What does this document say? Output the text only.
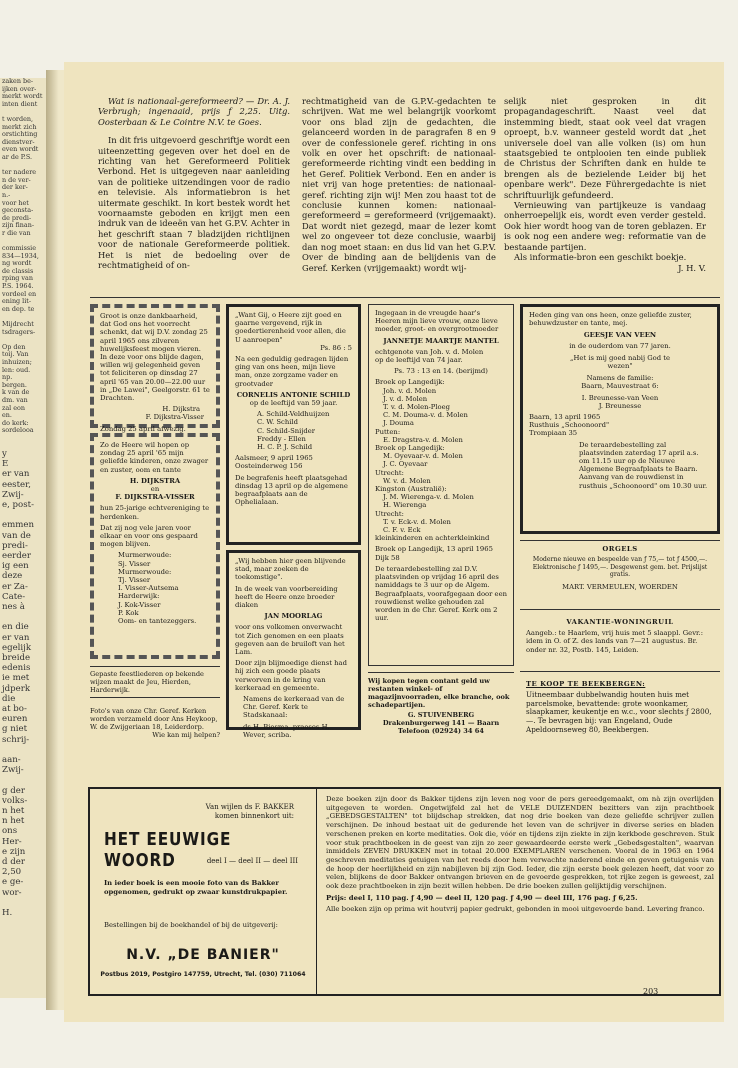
zaken be-
ijken over-
merkt wordt
inten dient

t worden,
merkt zich
orstichting
dienstver-
even wordt
ar de P.S.

ter nadere
n de ver-
der ker-
n.-
voor het
geconsta-
de predi-
zijn finan-
r die van

commissie
834—1934,
ng wordt
de classis
rping van
P.S. 1964.
vordeel en
ening lit-
en dep. te

Mijdrecht
tsdragers-

Op den
toij. Van
inhuizen;
len: oud.
np.
bergen.
k van de
dm. van
zal eon
en.
do kerk:
sordelooa
y
E
er van
eester,
Zwij-
e, post-

emmen
van de
predi-
eerder
ig een
deze
er Za-
Cate-
nes à

en die
er van
egelijk
breide
edenis
ie met
jdperk
die
at bo-
euren
g niet
schrij-

aan-
Zwij-

g der
volks-
n het
n het
ons
Her-
e zijn
d der
2,50
e ge-
wor-

H.

Wat is nationaal-gereformeerd? — Dr. A. J. Verbrugh; ingenaaid, prijs ƒ 2,25. Uitg. Oosterbaan & Le Cointre N.V. te Goes.

In dit fris uitgevoerd geschriftje wordt een uiteenzetting gegeven over het doel en de richting van het Gereformeerd Politiek Verbond. Het is uitgegeven naar aanleiding van de politieke uitzendingen voor de radio en televisie. Als informatiebron is het uitermate geschikt. In kort bestek wordt het voornaamste geboden en krijgt men een indruk van de ideeën van het G.P.V. Achter in het geschrift staan 7 bladzijden richtlijnen voor de nationale Gereformeerde politiek. Het is niet de bedoeling over de rechtmatigheid of on-

rechtmatigheid van de G.P.V.-gedachten te schrijven. Wat me wel belangrijk voorkomt voor ons blad zijn de gedachten, die gelanceerd worden in de paragrafen 8 en 9 over de confessionele geref. richting in ons volk en over het opschrift: de nationaal-gereformeerde richting vindt een bedding in het Geref. Politiek Verbond. Een en ander is niet vrij van hoge pretenties: de nationaal-geref. richting zijn wij! Men zou haast tot de conclusie kunnen komen: nationaal-gereformeerd = gereformeerd (vrijgemaakt). Dat wordt niet gezegd, maar de lezer komt wel zo ongeveer tot deze conclusie, waarbij dan nog moet staan: en dus lid van het G.P.V. Over de binding aan de belijdenis van de Geref. Kerken (vrijgemaakt) wordt wij-

selijk niet gesproken in dit propagandageschrift. Naast veel dat instemming biedt, staat ook veel dat vragen oproept, b.v. wanneer gesteld wordt dat „het universele doel van alle volken (is) om hun staatsgebied te ontplooien ten einde publiek de Christus der Schriften dank en hulde te brengen als de bezielende Leider bij het openbare werk". Deze Führergedachte is niet schriftuurlijk gefundeerd.

Vernieuwing van partijkeuze is vandaag onherroepelijk eis, wordt even verder gesteld. Ook hier wordt hoog van de toren geblazen. Er is ook nog een andere weg: reformatie van de bestaande partijen.

Als informatie-bron een geschikt boekje.

J. H. V.

Groot is onze dankbaarheid, dat God ons het voorrecht schenkt, dat wij D.V. zondag 25 april 1965 ons zilveren huwelijksfeest mogen vieren. In deze voor ons blijde dagen, willen wij gelegenheid geven tot feliciteren op dinsdag 27 april '65 van 20.00—22.00 uur in „De Lawei", Geelgorstr. 61 te Drachten.
H. Dijkstra
F. Dijkstra-Visser
Zondag 25 april afwezig.
Zo de Heere wil hopen op zondag 25 april '65 mijn geliefde kinderen, onze zwager en zuster, oom en tante
H. DIJKSTRA
en
F. DIJKSTRA-VISSER
hun 25-jarige echtvereniging te herdenken.
Dat zij nog vele jaren voor elkaar en voor ons gespaard mogen blijven.
Murmerwoude:
Sj. Visser
Murmerwoude:
Tj. Visser
I. Visser-Autsema
Harderwijk:
J. Kok-Visser
P. Kok
Oom- en tantezeggers.
Gepaste feestliederen op bekende wijzen maakt de Jeu, Hierden, Harderwijk.
Foto's van onze Chr. Geref. Kerken worden verzameld door Ans Heykoop, W. de Zwijgeriaan 18, Leiderdorp.
Wie kan mij helpen?
„Want Gij, o Heere zijt goed en gaarne vergevend, rijk in goedertierenheid voor allen, die U aanroepen"
Ps. 86 : 5
Na een geduldig gedragen lijden ging van ons heen, mijn lieve man, onze zorgzame vader en grootvader
CORNELIS ANTONIE SCHILD
op de leeftijd van 59 jaar.
A. Schild-Veldhuijzen
C. W. Schild
C. Schild-Snijder
Freddy - Ellen
H. C. P. J. Schild
Aalsmeer, 9 april 1965
Oosteinderweg 156
De begrafenis heeft plaatsgehad dinsdag 13 april op de algemene begraafplaats aan de Ophelialaan.
„Wij hebben hier geen blijvende stad, maar zoeken de toekomstige".
In de week van voorbereiding heeft de Heere onze broeder diaken
JAN MOORLAG
voor ons volkomen onverwacht tot Zich genomen en een plaats gegeven aan de bruiloft van het Lam.
Door zijn blijmoedige dienst had hij zich een goede plaats verworven in de kring van kerkeraad en gemeente.
Namens de kerkeraad van de Chr. Geref. Kerk te Stadskanaal:
ds H. Biesma, praeses H. Wever, scriba.
Ingegaan in de vreugde haar's Heeren mijn lieve vrouw, onze lieve moeder, groot- en overgrootmoeder
JANNETJE MAARTJE MANTEL
echtgenote van Joh. v. d. Molen
op de leeftijd van 74 jaar.
Ps. 73 : 13 en 14. (berijmd)
Broek op Langedijk:
Joh. v. d. Molen
J. v. d. Molen
T. v. d. Molen-Ploeg
C. M. Douma-v. d. Molen
J. Douma
Putten:
E. Dragstra-v. d. Molen
Broek op Langedijk:
M. Oyevaar-v. d. Molen
J. C. Oyevaar
Utrecht:
W. v. d. Molen
Kingston (Australië):
J. M. Wierenga-v. d. Molen
H. Wierenga
Utrecht:
T. v. Eck-v. d. Molen
C. F. v. Eck
kleinkinderen en achterkleinkind
Broek op Langedijk, 13 april 1965
Dijk 58
De teraardebestelling zal D.V. plaatsvinden op vrijdag 16 april des namiddags te 3 uur op de Algem. Begraafplaats, voorafgegaan door een rouwdienst welke gehouden zal worden in de Chr. Geref. Kerk om 2 uur.
Wij kopen tegen contant geld uw restanten winkel- of magazijnvoorraden, elke branche, ook schadepartijen.
G. STUIVENBERG
Drakenburgerweg 141 — Baarn
Telefoon (02924) 34 64
Heden ging van ons heen, onze geliefde zuster, behuwdzuster en tante, mej.
GEESJE VAN VEEN
in de ouderdom van 77 jaren.
„Het is mij goed nabij God te wezen"
Namens de familie:
Baarn, Mauvestraat 6:
I. Breunesse-van Veen
J. Breunesse
Baarn, 13 april 1965
Rusthuis „Schoonoord"
Trompiaan 35
De teraardebestelling zal plaatsvinden zaterdag 17 april a.s. om 11.15 uur op de Nieuwe Algemene Begraafplaats te Baarn.
Aanvang van de rouwdienst in rusthuis „Schoonoord" om 10.30 uur.
ORGELS
Moderne nieuwe en bespeelde van ƒ 75,— tot ƒ 4500,—. Elektronische ƒ 1495,—. Desgewenst gem. bet. Prijslijst gratis.
MART. VERMEULEN, WOERDEN
VAKANTIE-WONINGRUIL
Aangeb.: te Haarlem, vrij huis met 5 slaappl. Gevr.: idem in O. of Z. des lands van 7—21 augustus. Br. onder nr. 32, Postb. 145, Leiden.
TE KOOP TE BEEKBERGEN:
Uitneembaar dubbelwandig houten huis met parcelsmoke, bevattende: grote woonkamer, slaapkamer, keukentje en w.c., voor slechts ƒ 2800,—. Te bevragen bij: van Engeland, Oude Apeldoornseweg 80, Beekbergen.
Van wijlen ds F. BAKKER
komen binnenkort uit:
HET EEUWIGE WOORD	deel I — deel II — deel III
In ieder boek is een mooie foto van ds Bakker opgenomen, gedrukt op zwaar kunstdrukpapier.
Bestellingen bij de boekhandel of bij de uitgeverij:
N.V. „DE BANIER"
Postbus 2019, Postgiro 147759, Utrecht, Tel. (030) 711064
Deze boeken zijn door ds Bakker tijdens zijn leven nog voor de pers gereedgemaakt, om nà zijn overlijden uitgegeven te worden. Ongetwijfeld zal het de VELE DUIZENDEN bezitters van zijn prachtboek „GEBEDSGESTALTEN" tot blijdschap strekken, dat nog drie boeken van deze geliefde schrijver zullen verschijnen. De inhoud bestaat uit de gedurende het leven van de schrijver in diverse series en bladen verschenen preken en korte meditaties. Ook die, vóór en tijdens zijn ziekte in zijn kerkbode geschreven. Stuk voor stuk prachtboeken in de geest van zijn zo zeer gewaardeerde eerste werk „Gebedsgestalten", waarvan inmiddels ZEVEN DRUKKEN met in totaal 20.000 EXEMPLAREN verschenen. Vooral de in 1963 en 1964 geschreven meditaties getuigen van het reeds door hem verwachte naderend einde en geven getuigenis van de hoop der heerlijkheid en zijn nabijleven bij zijn God. Ieder, die zijn eerste boek gelezen heeft, dat voor zo velen, blijkens de door Bakker ontvangen brieven en de gevoerde gesprekken, tot rijke zegen is geweest, zal ook deze prachtboeken in zijn bezit willen hebben. De drie boeken zullen gelijktijdig verschijnen.
Prijs: deel I, 110 pag. ƒ 4,90 — deel II, 120 pag. ƒ 4,90 — deel III, 176 pag. ƒ 6,25.
Alle boeken zijn op prima wit houtvrij papier gedrukt, gebonden in mooi uitgevoerde band. Levering franco.
203
